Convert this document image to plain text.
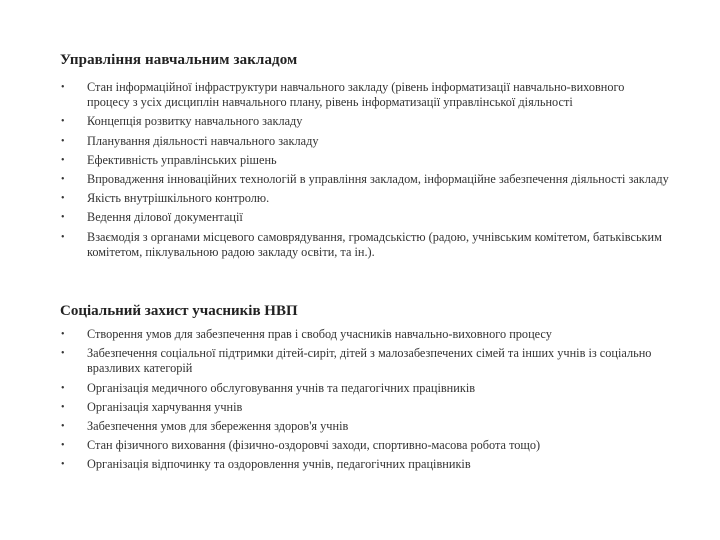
Управління навчальним закладом
•	Стан інформаційної інфраструктури навчального закладу (рівень інформатизації навчально-виховного процесу з усіх дисциплін навчального плану, рівень інформатизації управлінської діяльності
•	Концепція розвитку навчального закладу
•	Планування діяльності навчального закладу
•	Ефективність управлінських рішень
•	Впровадження інноваційних технологій в управління закладом, інформаційне забезпечення діяльності закладу
•	Якість внутрішкільного контролю.
•	Ведення ділової документації
•	Взаємодія з органами місцевого самоврядування, громадськістю (радою, учнівським комітетом, батьківським комітетом, піклувальною радою закладу освіти, та ін.).
Соціальний захист учасників НВП
•	Створення умов для забезпечення прав і свобод учасників навчально-виховного процесу
•	Забезпечення соціальної підтримки дітей-сиріт, дітей з малозабезпечених сімей та інших учнів із соціально вразливих категорій
•	Організація медичного обслуговування учнів та педагогічних працівників
•	Організація харчування учнів
•	Забезпечення умов для збереження здоров'я учнів
•	Стан фізичного виховання (фізично-оздоровчі заходи, спортивно-масова робота тощо)
•	Організація відпочинку та оздоровлення учнів, педагогічних працівників
